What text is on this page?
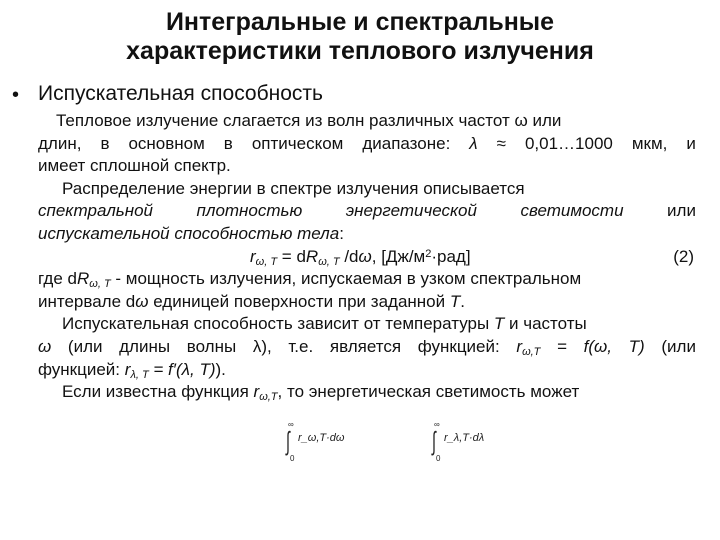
Интегральные и спектральные
характеристики теплового излучения
• Испускательная способность
Тепловое излучение слагается из волн различных частот ω или
длин, в основном в оптическом диапазоне: λ ≈ 0,01…1000 мкм, и
имеет сплошной спектр.
Распределение энергии в спектре излучения описывается
спектральной	плотностью	энергетической	светимости	или
испускательной способностью тела:
$r_{\omega, T} = dR_{\omega, T}$ /dω, $[Дж/м^2\cdot рад]$	(2)
где $dR_{\omega, T}$ - мощность излучения, испускаемая в узком спектральном
интервале dω единицей поверхности при заданной T.
Испускательная способность зависит от температуры T и частоты
ω (или длины волны λ), т.е. является функцией: $r_{\omega,T} = f(\omega$, T) (или
функцией: $r_{\lambda, T} = f'(\lambda$, T)).
Если известна функция $r_{\omega,T}$, то энергетическая светимость может
∫
∞
0
r_ω,T·dω	∫
∞
0
r_λ,T·dλ
